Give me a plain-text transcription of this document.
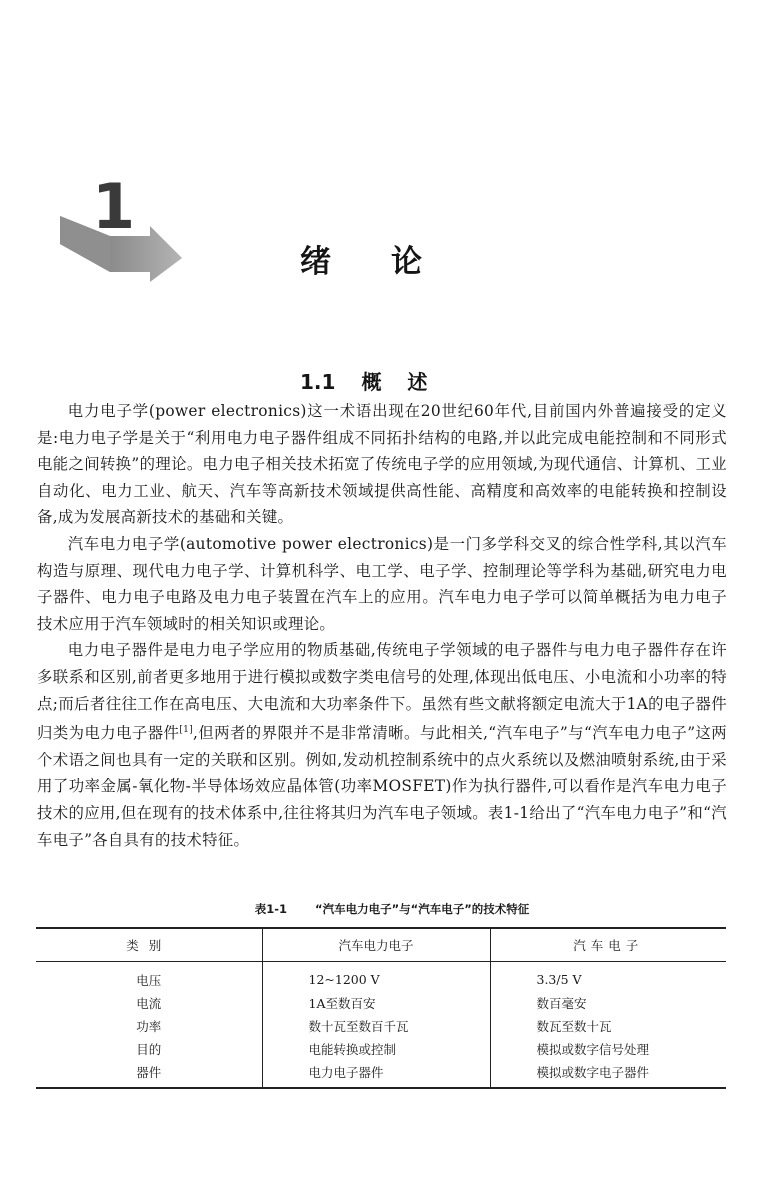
1
绪论
1.1 概述

电力电子学(power electronics)这一术语出现在20世纪60年代,目前国内外普遍接受的定义是:电力电子学是关于“利用电力电子器件组成不同拓扑结构的电路,并以此完成电能控制和不同形式电能之间转换”的理论。电力电子相关技术拓宽了传统电子学的应用领域,为现代通信、计算机、工业自动化、电力工业、航天、汽车等高新技术领域提供高性能、高精度和高效率的电能转换和控制设备,成为发展高新技术的基础和关键。

汽车电力电子学(automotive power electronics)是一门多学科交叉的综合性学科,其以汽车构造与原理、现代电力电子学、计算机科学、电工学、电子学、控制理论等学科为基础,研究电力电子器件、电力电子电路及电力电子装置在汽车上的应用。汽车电力电子学可以简单概括为电力电子技术应用于汽车领域时的相关知识或理论。

电力电子器件是电力电子学应用的物质基础,传统电子学领域的电子器件与电力电子器件存在许多联系和区别,前者更多地用于进行模拟或数字类电信号的处理,体现出低电压、小电流和小功率的特点;而后者往往工作在高电压、大电流和大功率条件下。虽然有些文献将额定电流大于1A的电子器件归类为电力电子器件[1],但两者的界限并不是非常清晰。与此相关,“汽车电子”与“汽车电力电子”这两个术语之间也具有一定的关联和区别。例如,发动机控制系统中的点火系统以及燃油喷射系统,由于采用了功率金属-氧化物-半导体场效应晶体管(功率MOSFET)作为执行器件,可以看作是汽车电力电子技术的应用,但在现有的技术体系中,往往将其归为汽车电子领域。表1-1给出了“汽车电力电子”和“汽车电子”各自具有的技术特征。

表1-1 “汽车电力电子”与“汽车电子”的技术特征
类别	汽车电力电子	汽车电子
电压	12~1200 V	3.3/5 V
电流	1A至数百安	数百毫安
功率	数十瓦至数百千瓦	数瓦至数十瓦
目的	电能转换或控制	模拟或数字信号处理
器件	电力电子器件	模拟或数字电子器件
